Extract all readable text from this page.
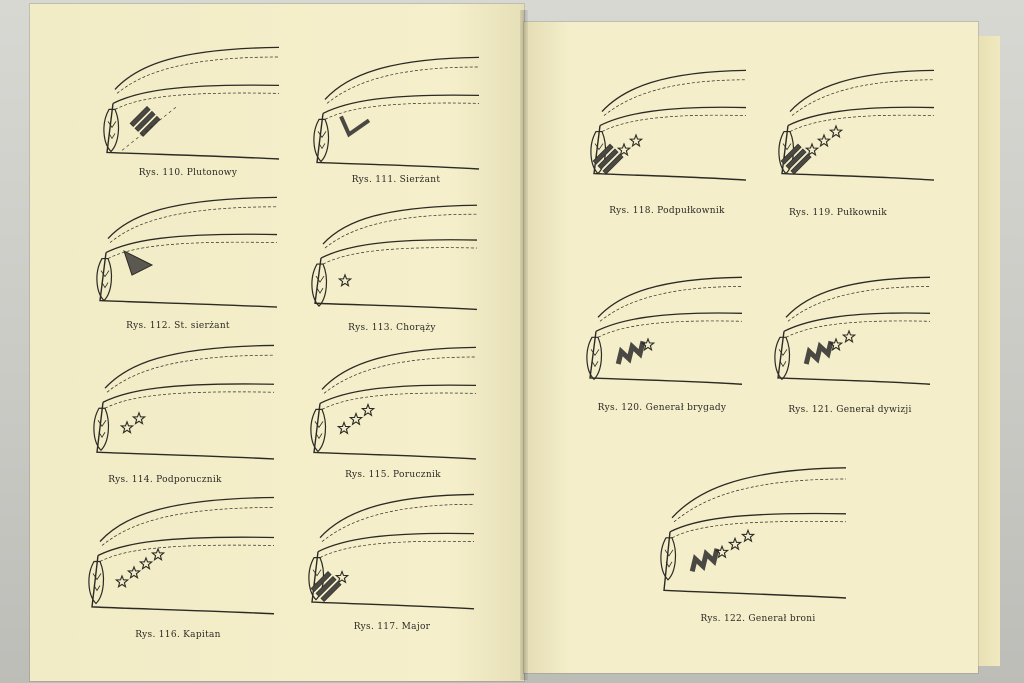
Rys. 110. Plutonowy
Rys. 111. Sierżant
Rys. 112. St. sierżant	Rys. 113. Chorąży
Rys. 114. Podporucznik	Rys. 115. Porucznik
Rys. 116. Kapitan
Rys. 117. Major
Rys. 118. Podpułkownik	Rys. 119. Pułkownik
Rys. 120. Generał brygady	Rys. 121. Generał dywizji
Rys. 122. Generał broni
